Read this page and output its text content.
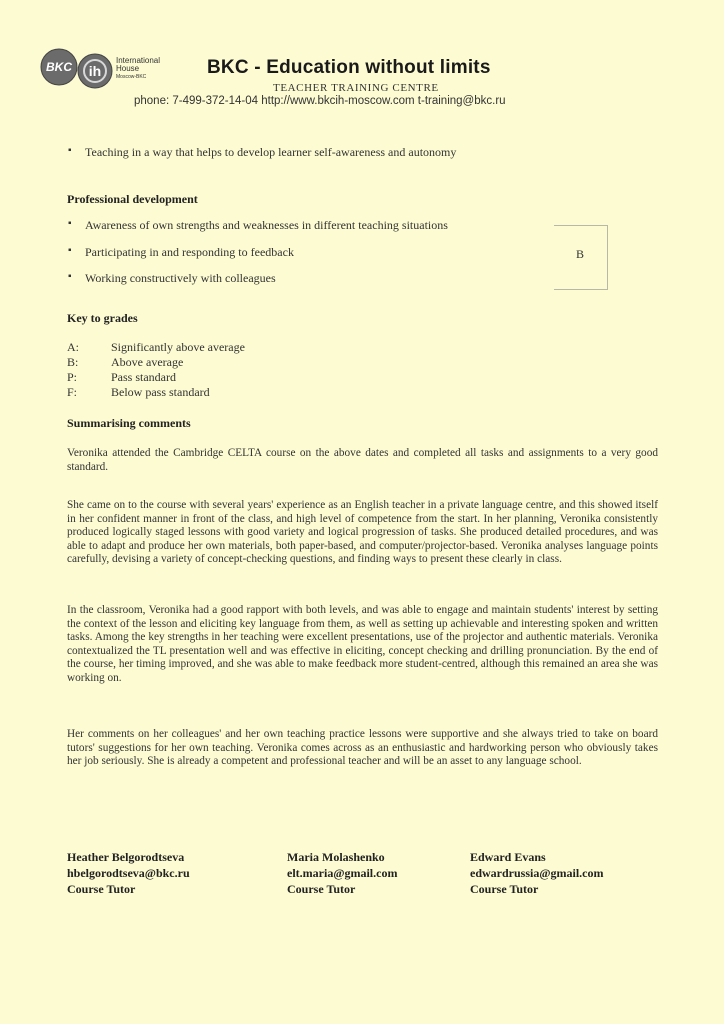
BKC ih
International
House
Moscow-BKC	BKC - Education without limits
TEACHER TRAINING CENTRE
phone: 7-499-372-14-04 http://www.bkcih-moscow.com t-training@bkc.ru
▪ Teaching in a way that helps to develop learner self-awareness and autonomy
Professional development
▪ Awareness of own strengths and weaknesses in different teaching situations
▪ Participating in and responding to feedback
▪ Working constructively with colleagues
B
Key to grades
A:	Significantly above average
B:	Above average
P:	Pass standard
F:	Below pass standard
Summarising comments
Veronika attended the Cambridge CELTA course on the above dates and completed all tasks and assignments to a very good standard.
She came on to the course with several years' experience as an English teacher in a private language centre, and this showed itself in her confident manner in front of the class, and high level of competence from the start. In her planning, Veronika consistently produced logically staged lessons with good variety and logical progression of tasks. She produced detailed procedures, and was able to adapt and produce her own materials, both paper-based, and computer/projector-based. Veronika analyses language points carefully, devising a variety of concept-checking questions, and finding ways to present these clearly in class.
In the classroom, Veronika had a good rapport with both levels, and was able to engage and maintain students' interest by setting the context of the lesson and eliciting key language from them, as well as setting up achievable and interesting spoken and written tasks. Among the key strengths in her teaching were excellent presentations, use of the projector and authentic materials. Veronika contextualized the TL presentation well and was effective in eliciting, concept checking and drilling pronunciation. By the end of the course, her timing improved, and she was able to make feedback more student-centred, although this remained an area she was working on.
Her comments on her colleagues' and her own teaching practice lessons were supportive and she always tried to take on board tutors' suggestions for her own teaching. Veronika comes across as an enthusiastic and hardworking person who obviously takes her job seriously. She is already a competent and professional teacher and will be an asset to any language school.
Heather Belgorodtseva
hbelgorodtseva@bkc.ru
Course Tutor
Maria Molashenko
elt.maria@gmail.com
Course Tutor
Edward Evans
edwardrussia@gmail.com
Course Tutor
